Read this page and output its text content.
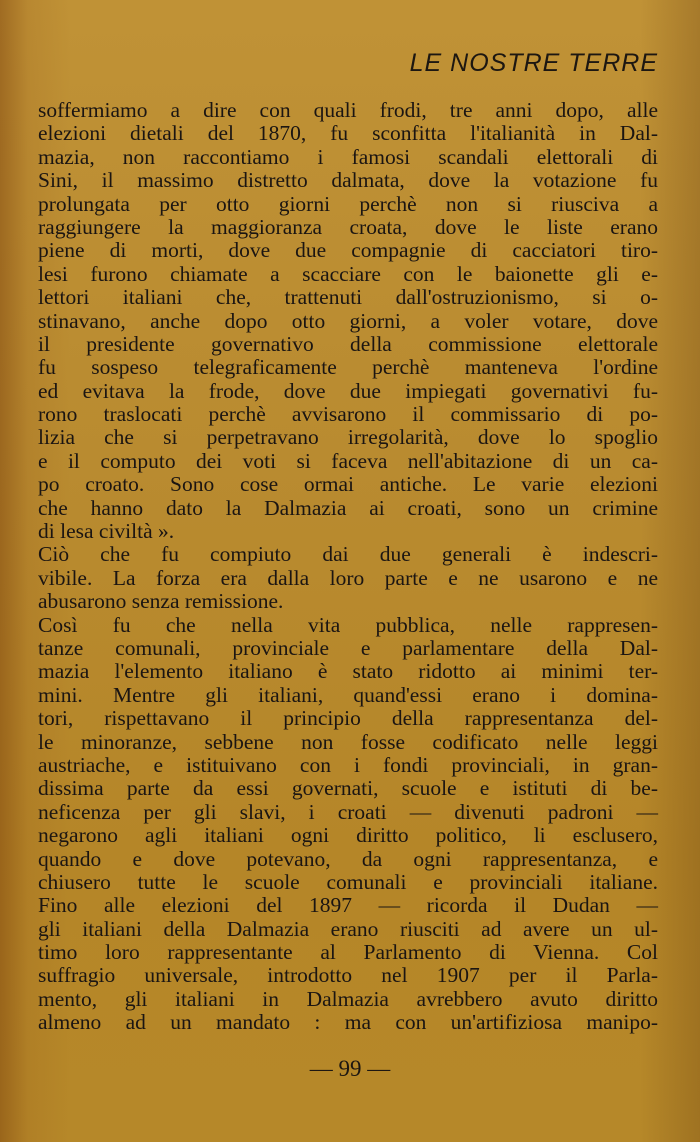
LE NOSTRE TERRE
soffermiamo a dire con quali frodi, tre anni dopo, alle
elezioni dietali del 1870, fu sconfitta l'italianità in Dal-
mazia, non raccontiamo i famosi scandali elettorali di
Sini, il massimo distretto dalmata, dove la votazione fu
prolungata per otto giorni perchè non si riusciva a
raggiungere la maggioranza croata, dove le liste erano
piene di morti, dove due compagnie di cacciatori tiro-
lesi furono chiamate a scacciare con le baionette gli e-
lettori italiani che, trattenuti dall'ostruzionismo, si o-
stinavano, anche dopo otto giorni, a voler votare, dove
il presidente governativo della commissione elettorale
fu sospeso telegraficamente perchè manteneva l'ordine
ed evitava la frode, dove due impiegati governativi fu-
rono traslocati perchè avvisarono il commissario di po-
lizia che si perpetravano irregolarità, dove lo spoglio
e il computo dei voti si faceva nell'abitazione di un ca-
po croato. Sono cose ormai antiche. Le varie elezioni
che hanno dato la Dalmazia ai croati, sono un crimine
di lesa civiltà ».
Ciò che fu compiuto dai due generali è indescri-
vibile. La forza era dalla loro parte e ne usarono e ne
abusarono senza remissione.
Così fu che nella vita pubblica, nelle rappresen-
tanze comunali, provinciale e parlamentare della Dal-
mazia l'elemento italiano è stato ridotto ai minimi ter-
mini. Mentre gli italiani, quand'essi erano i domina-
tori, rispettavano il principio della rappresentanza del-
le minoranze, sebbene non fosse codificato nelle leggi
austriache, e istituivano con i fondi provinciali, in gran-
dissima parte da essi governati, scuole e istituti di be-
neficenza per gli slavi, i croati — divenuti padroni —
negarono agli italiani ogni diritto politico, li esclusero,
quando e dove potevano, da ogni rappresentanza, e
chiusero tutte le scuole comunali e provinciali italiane.
Fino alle elezioni del 1897 — ricorda il Dudan —
gli italiani della Dalmazia erano riusciti ad avere un ul-
timo loro rappresentante al Parlamento di Vienna. Col
suffragio universale, introdotto nel 1907 per il Parla-
mento, gli italiani in Dalmazia avrebbero avuto diritto
almeno ad un mandato : ma con un'artifiziosa manipo-
— 99 —
